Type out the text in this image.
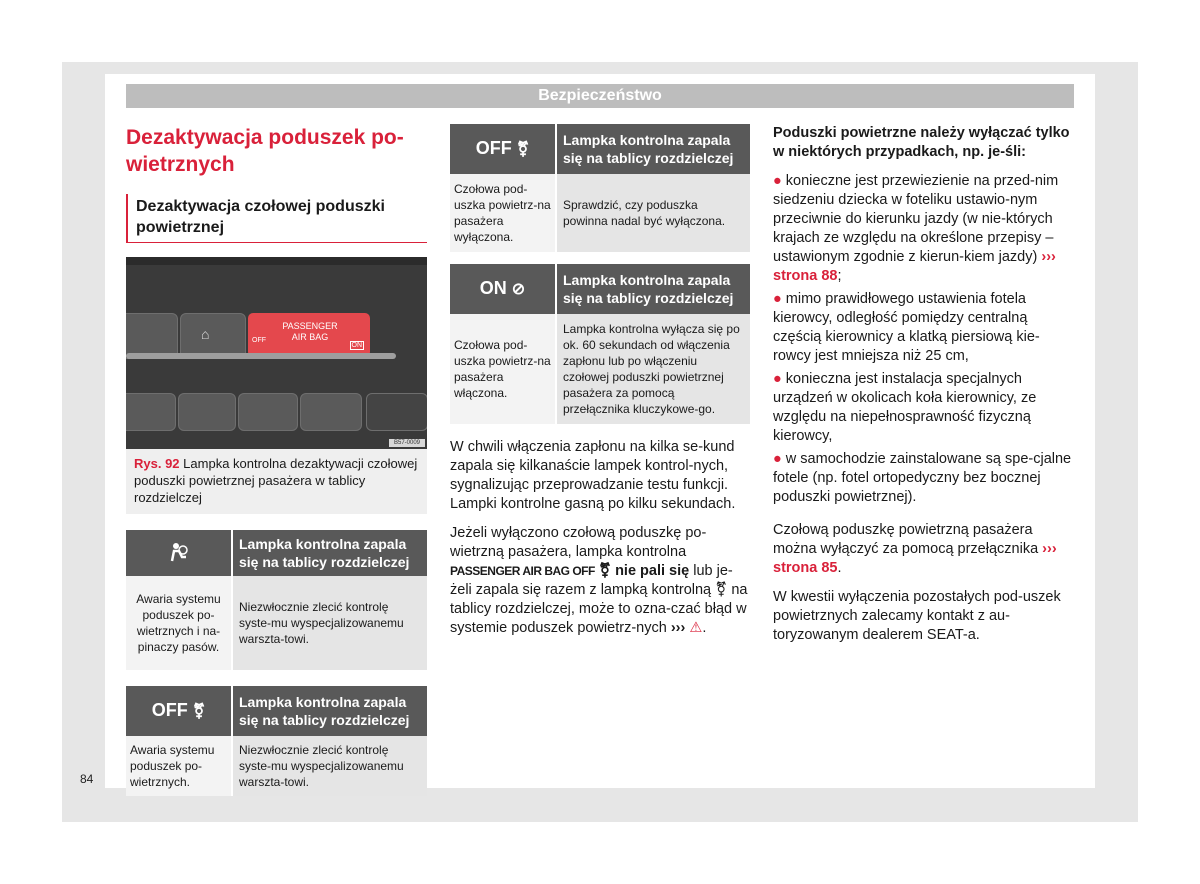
Bezpieczeństwo
Dezaktywacja poduszek po-wietrznych
Dezaktywacja czołowej poduszki powietrznej
⌂	PASSENGER
AIR BAG
OFF
ON
B57-0009
Rys. 92 Lampka kontrolna dezaktywacji czołowej poduszki powietrznej pasażera w tablicy rozdzielczej
	Lampka kontrolna zapala się na tablicy rozdzielczej
Awaria systemu poduszek po-wietrznych i na-pinaczy pasów.	Niezwłocznie zlecić kontrolę syste-mu wyspecjalizowanemu warszta-towi.
OFF ⚧	Lampka kontrolna zapala się na tablicy rozdzielczej
Awaria systemu poduszek po-wietrznych.	Niezwłocznie zlecić kontrolę syste-mu wyspecjalizowanemu warszta-towi.
OFF ⚧	Lampka kontrolna zapala się na tablicy rozdzielczej
Czołowa pod-uszka powietrz-na pasażera wyłączona.	Sprawdzić, czy poduszka powinna nadal być wyłączona.
ON ⊘	Lampka kontrolna zapala się na tablicy rozdzielczej
Czołowa pod-uszka powietrz-na pasażera włączona.	Lampka kontrolna wyłącza się po ok. 60 sekundach od włączenia zapłonu lub po włączeniu czołowej poduszki powietrznej pasażera za pomocą przełącznika kluczykowe-go.

W chwili włączenia zapłonu na kilka se-kund zapala się kilkanaście lampek kontrol-nych, sygnalizując przeprowadzanie testu funkcji. Lampki kontrolne gasną po kilku sekundach.

Jeżeli wyłączono czołową poduszkę po-wietrzną pasażera, lampka kontrolna PASSENGER AIR BAG OFF ⚧ nie pali się lub je-żeli zapala się razem z lampką kontrolną ⚧ na tablicy rozdzielczej, może to ozna-czać błąd w systemie poduszek powietrz-nych ››› ⚠.

Poduszki powietrzne należy wyłączać tylko w niektórych przypadkach, np. je-śli:

● konieczne jest przewiezienie na przed-nim siedzeniu dziecka w foteliku ustawio-nym przeciwnie do kierunku jazdy (w nie-których krajach ze względu na określone przepisy – ustawionym zgodnie z kierun-kiem jazdy) ››› strona 88;
● mimo prawidłowego ustawienia fotela kierowcy, odległość pomiędzy centralną częścią kierownicy a klatką piersiową kie-rowcy jest mniejsza niż 25 cm,
● konieczna jest instalacja specjalnych urządzeń w okolicach koła kierownicy, ze względu na niepełnosprawność fizyczną kierowcy,
● w samochodzie zainstalowane są spe-cjalne fotele (np. fotel ortopedyczny bez bocznej poduszki powietrznej).

Czołową poduszkę powietrzną pasażera można wyłączyć za pomocą przełącznika ››› strona 85.

W kwestii wyłączenia pozostałych pod-uszek powietrznych zalecamy kontakt z au-toryzowanym dealerem SEAT-a.

84
